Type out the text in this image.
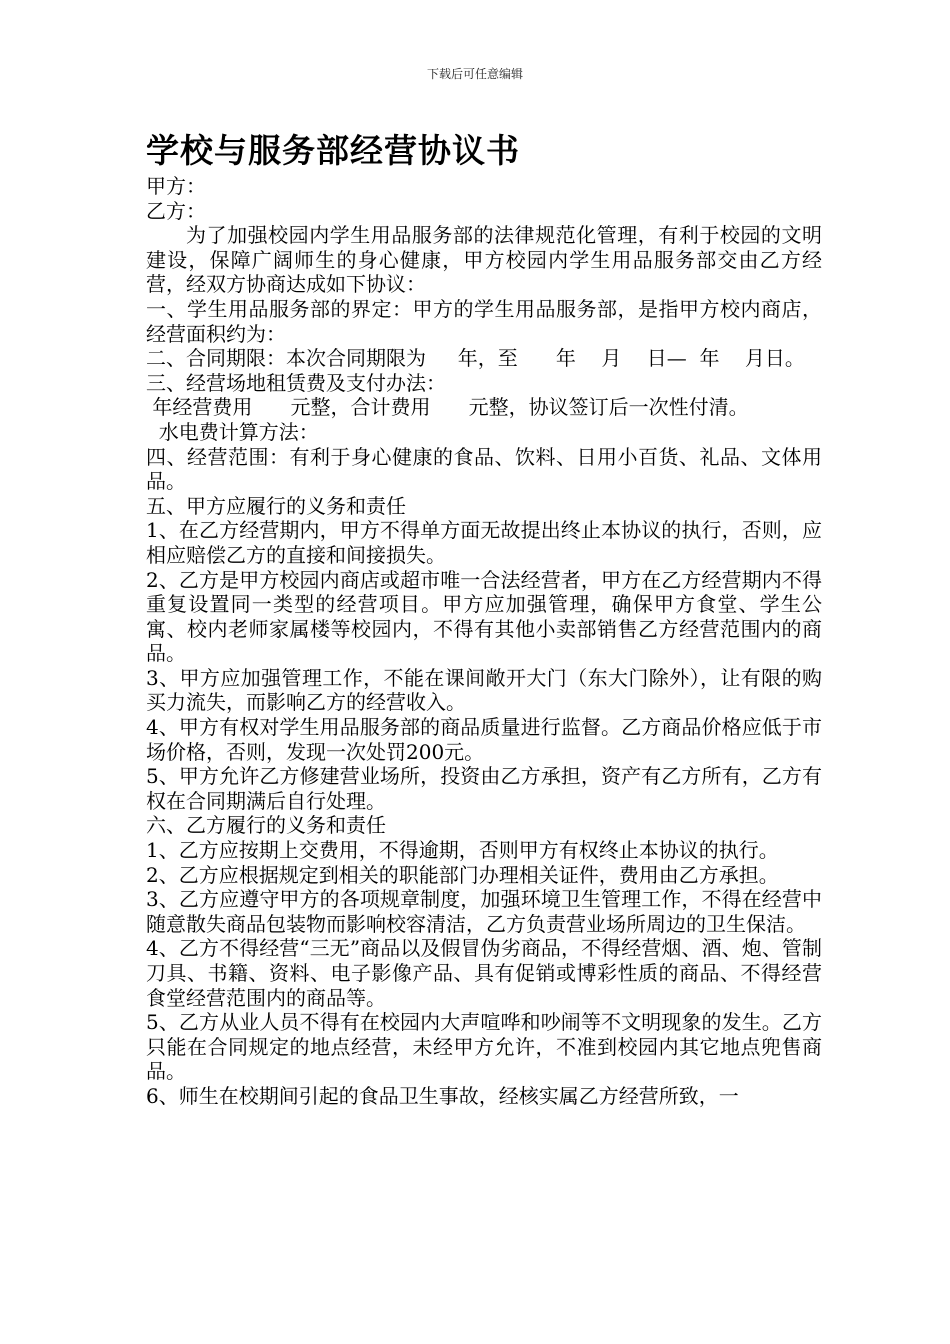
下载后可任意编辑
学校与服务部经营协议书

甲方：

乙方：

为了加强校园内学生用品服务部的法律规范化管理，有利于校园的文明建设，保障广阔师生的身心健康，甲方校园内学生用品服务部交由乙方经营，经双方协商达成如下协议：

一、学生用品服务部的界定：甲方的学生用品服务部，是指甲方校内商店，经营面积约为：

二、合同期限：本次合同期限为     年，至      年    月    日—  年    月日。

三、经营场地租赁费及支付办法：

年经营费用      元整，合计费用      元整，协议签订后一次性付清。

水电费计算方法：

四、经营范围：有利于身心健康的食品、饮料、日用小百货、礼品、文体用品。

五、甲方应履行的义务和责任

1、在乙方经营期内，甲方不得单方面无故提出终止本协议的执行，否则，应相应赔偿乙方的直接和间接损失。

2、乙方是甲方校园内商店或超市唯一合法经营者，甲方在乙方经营期内不得重复设置同一类型的经营项目。甲方应加强管理，确保甲方食堂、学生公寓、校内老师家属楼等校园内，不得有其他小卖部销售乙方经营范围内的商品。

3、甲方应加强管理工作，不能在课间敞开大门（东大门除外），让有限的购买力流失，而影响乙方的经营收入。

4、甲方有权对学生用品服务部的商品质量进行监督。乙方商品价格应低于市场价格，否则，发现一次处罚200元。

5、甲方允许乙方修建营业场所，投资由乙方承担，资产有乙方所有，乙方有权在合同期满后自行处理。

六、乙方履行的义务和责任

1、乙方应按期上交费用，不得逾期，否则甲方有权终止本协议的执行。

2、乙方应根据规定到相关的职能部门办理相关证件，费用由乙方承担。

3、乙方应遵守甲方的各项规章制度，加强环境卫生管理工作，不得在经营中随意散失商品包装物而影响校容清洁，乙方负责营业场所周边的卫生保洁。

4、乙方不得经营“三无”商品以及假冒伪劣商品，不得经营烟、酒、炮、管制刀具、书籍、资料、电子影像产品、具有促销或博彩性质的商品、不得经营食堂经营范围内的商品等。

5、乙方从业人员不得有在校园内大声喧哗和吵闹等不文明现象的发生。乙方只能在合同规定的地点经营，未经甲方允许，不准到校园内其它地点兜售商品。

6、师生在校期间引起的食品卫生事故，经核实属乙方经营所致，一
